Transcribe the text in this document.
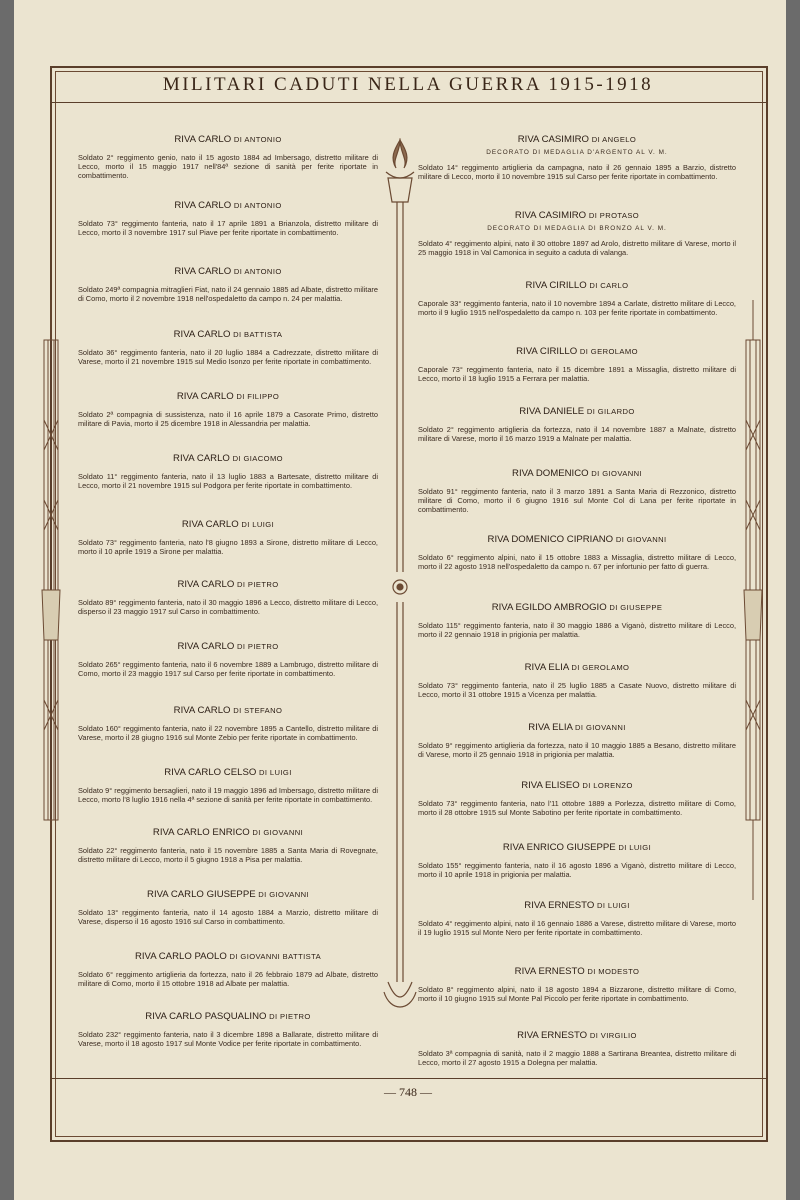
MILITARI CADUTI NELLA GUERRA 1915-1918
RIVA CARLO DI ANTONIO
Soldato 2° reggimento genio, nato il 15 agosto 1884 ad Imbersago, distretto militare di Lecco, morto il 15 maggio 1917 nell'84ª sezione di sanità per ferite riportate in combattimento.
RIVA CARLO DI ANTONIO
Soldato 73° reggimento fanteria, nato il 17 aprile 1891 a Brianzola, distretto militare di Lecco, morto il 3 novembre 1917 sul Piave per ferite riportate in combattimento.
RIVA CARLO DI ANTONIO
Soldato 249ª compagnia mitraglieri Fiat, nato il 24 gennaio 1885 ad Albate, distretto militare di Como, morto il 2 novembre 1918 nell'ospedaletto da campo n. 24 per malattia.
RIVA CARLO DI BATTISTA
Soldato 36° reggimento fanteria, nato il 20 luglio 1884 a Cadrezzate, distretto militare di Varese, morto il 21 novembre 1915 sul Medio Isonzo per ferite riportate in combattimento.
RIVA CARLO DI FILIPPO
Soldato 2ª compagnia di sussistenza, nato il 16 aprile 1879 a Casorate Primo, distretto militare di Pavia, morto il 25 dicembre 1918 in Alessandria per malattia.
RIVA CARLO DI GIACOMO
Soldato 11° reggimento fanteria, nato il 13 luglio 1883 a Bartesate, distretto militare di Lecco, morto il 21 novembre 1915 sul Podgora per ferite riportate in combattimento.
RIVA CARLO DI LUIGI
Soldato 73° reggimento fanteria, nato l'8 giugno 1893 a Sirone, distretto militare di Lecco, morto il 10 aprile 1919 a Sirone per malattia.
RIVA CARLO DI PIETRO
Soldato 89° reggimento fanteria, nato il 30 maggio 1896 a Lecco, distretto militare di Lecco, disperso il 23 maggio 1917 sul Carso in combattimento.
RIVA CARLO DI PIETRO
Soldato 265° reggimento fanteria, nato il 6 novembre 1889 a Lambrugo, distretto militare di Como, morto il 23 maggio 1917 sul Carso per ferite riportate in combattimento.
RIVA CARLO DI STEFANO
Soldato 160° reggimento fanteria, nato il 22 novembre 1895 a Cantello, distretto militare di Varese, morto il 28 giugno 1916 sul Monte Zebio per ferite riportate in combattimento.
RIVA CARLO CELSO DI LUIGI
Soldato 9° reggimento bersaglieri, nato il 19 maggio 1896 ad Imbersago, distretto militare di Lecco, morto l'8 luglio 1916 nella 4ª sezione di sanità per ferite riportate in combattimento.
RIVA CARLO ENRICO DI GIOVANNI
Soldato 22° reggimento fanteria, nato il 15 novembre 1885 a Santa Maria di Rovegnate, distretto militare di Lecco, morto il 5 giugno 1918 a Pisa per malattia.
RIVA CARLO GIUSEPPE DI GIOVANNI
Soldato 13° reggimento fanteria, nato il 14 agosto 1884 a Marzio, distretto militare di Varese, disperso il 16 agosto 1916 sul Carso in combattimento.
RIVA CARLO PAOLO DI GIOVANNI BATTISTA
Soldato 6° reggimento artiglieria da fortezza, nato il 26 febbraio 1879 ad Albate, distretto militare di Como, morto il 15 ottobre 1918 ad Albate per malattia.
RIVA CARLO PASQUALINO DI PIETRO
Soldato 232° reggimento fanteria, nato il 3 dicembre 1898 a Ballarate, distretto militare di Varese, morto il 18 agosto 1917 sul Monte Vodice per ferite riportate in combattimento.
RIVA CASIMIRO DI ANGELO
DECORATO DI MEDAGLIA D'ARGENTO AL V. M.
Soldato 14° reggimento artiglieria da campagna, nato il 26 gennaio 1895 a Barzio, distretto militare di Lecco, morto il 10 novembre 1915 sul Carso per ferite riportate in combattimento.
RIVA CASIMIRO DI PROTASO
DECORATO DI MEDAGLIA DI BRONZO AL V. M.
Soldato 4° reggimento alpini, nato il 30 ottobre 1897 ad Arolo, distretto militare di Varese, morto il 25 maggio 1918 in Val Camonica in seguito a caduta di valanga.
RIVA CIRILLO DI CARLO
Caporale 33° reggimento fanteria, nato il 10 novembre 1894 a Carlate, distretto militare di Lecco, morto il 9 luglio 1915 nell'ospedaletto da campo n. 103 per ferite riportate in combattimento.
RIVA CIRILLO DI GEROLAMO
Caporale 73° reggimento fanteria, nato il 15 dicembre 1891 a Missaglia, distretto militare di Lecco, morto il 18 luglio 1915 a Ferrara per malattia.
RIVA DANIELE DI GILARDO
Soldato 2° reggimento artiglieria da fortezza, nato il 14 novembre 1887 a Malnate, distretto militare di Varese, morto il 16 marzo 1919 a Malnate per malattia.
RIVA DOMENICO DI GIOVANNI
Soldato 91° reggimento fanteria, nato il 3 marzo 1891 a Santa Maria di Rezzonico, distretto militare di Como, morto il 6 giugno 1916 sul Monte Col di Lana per ferite riportate in combattimento.
RIVA DOMENICO CIPRIANO DI GIOVANNI
Soldato 6° reggimento alpini, nato il 15 ottobre 1883 a Missaglia, distretto militare di Lecco, morto il 22 agosto 1918 nell'ospedaletto da campo n. 67 per infortunio per fatto di guerra.
RIVA EGILDO AMBROGIO DI GIUSEPPE
Soldato 115° reggimento fanteria, nato il 30 maggio 1886 a Viganò, distretto militare di Lecco, morto il 22 gennaio 1918 in prigionia per malattia.
RIVA ELIA DI GEROLAMO
Soldato 73° reggimento fanteria, nato il 25 luglio 1885 a Casate Nuovo, distretto militare di Lecco, morto il 31 ottobre 1915 a Vicenza per malattia.
RIVA ELIA DI GIOVANNI
Soldato 9° reggimento artiglieria da fortezza, nato il 10 maggio 1885 a Besano, distretto militare di Varese, morto il 25 gennaio 1918 in prigionia per malattia.
RIVA ELISEO DI LORENZO
Soldato 73° reggimento fanteria, nato l'11 ottobre 1889 a Porlezza, distretto militare di Como, morto il 28 ottobre 1915 sul Monte Sabotino per ferite riportate in combattimento.
RIVA ENRICO GIUSEPPE DI LUIGI
Soldato 155° reggimento fanteria, nato il 16 agosto 1896 a Viganò, distretto militare di Lecco, morto il 10 aprile 1918 in prigionia per malattia.
RIVA ERNESTO DI LUIGI
Soldato 4° reggimento alpini, nato il 16 gennaio 1886 a Varese, distretto militare di Varese, morto il 19 luglio 1915 sul Monte Nero per ferite riportate in combattimento.
RIVA ERNESTO DI MODESTO
Soldato 8° reggimento alpini, nato il 18 agosto 1894 a Bizzarone, distretto militare di Como, morto il 10 giugno 1915 sul Monte Pal Piccolo per ferite riportate in combattimento.
RIVA ERNESTO DI VIRGILIO
Soldato 3ª compagnia di sanità, nato il 2 maggio 1888 a Sartirana Breantea, distretto militare di Lecco, morto il 27 agosto 1915 a Dolegna per malattia.
— 748 —
